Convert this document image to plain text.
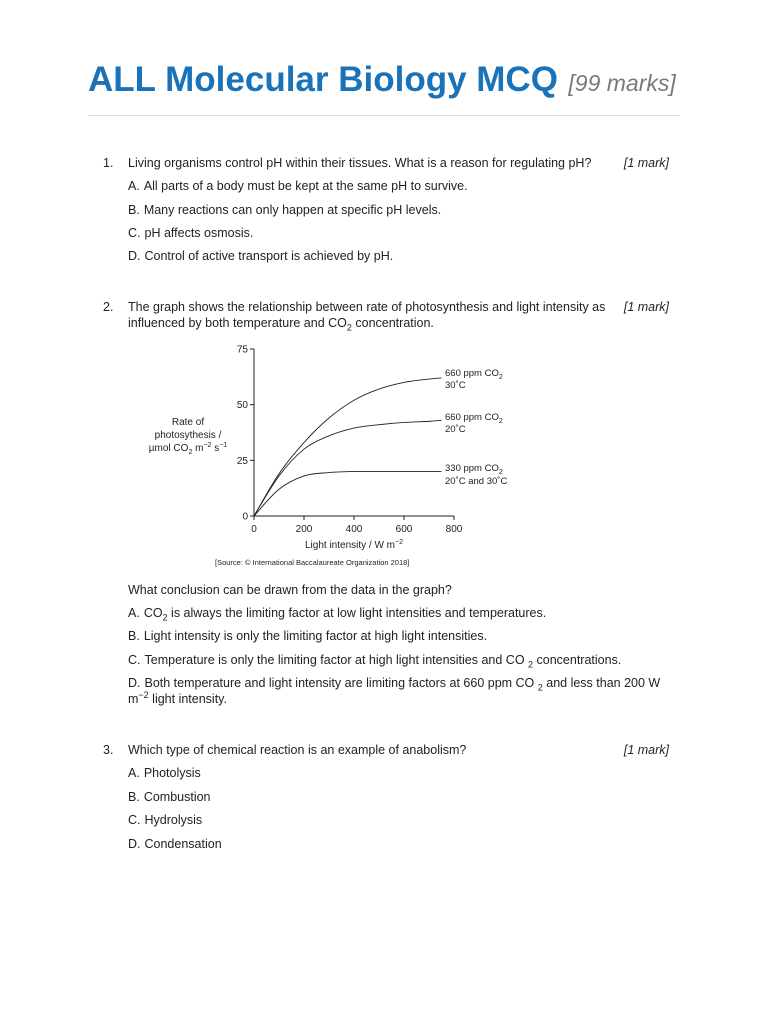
ALL Molecular Biology MCQ [99 marks]
1. Living organisms control pH within their tissues. What is a reason for regulating pH?	[1 mark]
A. All parts of a body must be kept at the same pH to survive.
B. Many reactions can only happen at specific pH levels.
C. pH affects osmosis.
D. Control of active transport is achieved by pH.
2. The graph shows the relationship between rate of photosynthesis and light intensity as influenced by both temperature and $CO_2$ concentration.
[1 mark]
Rate of
photosythesis /
µmol $CO_2$ $m^{-2}$ $s^{-1}$
0
25
50
75
0	200	400	600	800
660 ppm $CO_2$
30˚C
660 ppm $CO_2$
20˚C
330 ppm $CO_2$
20˚C and 30˚C
Light intensity / W $m^{-2}$
[Source: © International Baccalaureate Organization 2018]
What conclusion can be drawn from the data in the graph?
A. $CO_2$ is always the limiting factor at low light intensities and temperatures.
B. Light intensity is only the limiting factor at high light intensities.
C. Temperature is only the limiting factor at high light intensities and CO $_2$ concentrations.
D. Both temperature and light intensity are limiting factors at 660 ppm CO $_2$ and less than 200 W $m^{-2}$ light intensity.
3. Which type of chemical reaction is an example of anabolism?	[1 mark]
A. Photolysis
B. Combustion
C. Hydrolysis
D. Condensation
